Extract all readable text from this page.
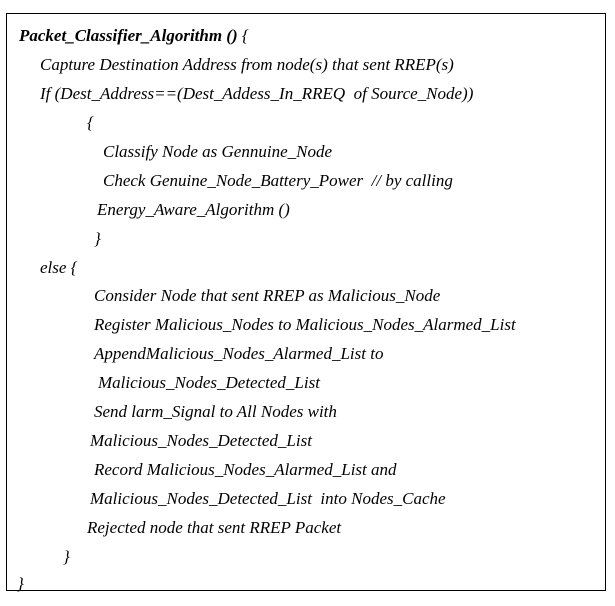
Packet_Classifier_Algorithm () {
Capture Destination Address from node(s) that sent RREP(s)
If (Dest_Address==(Dest_Addess_In_RREQ  of Source_Node))
{
Classify Node as Gennuine_Node
Check Genuine_Node_Battery_Power  // by calling
Energy_Aware_Algorithm ()
}
else {
Consider Node that sent RREP as Malicious_Node
Register Malicious_Nodes to Malicious_Nodes_Alarmed_List
AppendMalicious_Nodes_Alarmed_List to
Malicious_Nodes_Detected_List
Send larm_Signal to All Nodes with
Malicious_Nodes_Detected_List
Record Malicious_Nodes_Alarmed_List and
Malicious_Nodes_Detected_List  into Nodes_Cache
Rejected node that sent RREP Packet
}
}
